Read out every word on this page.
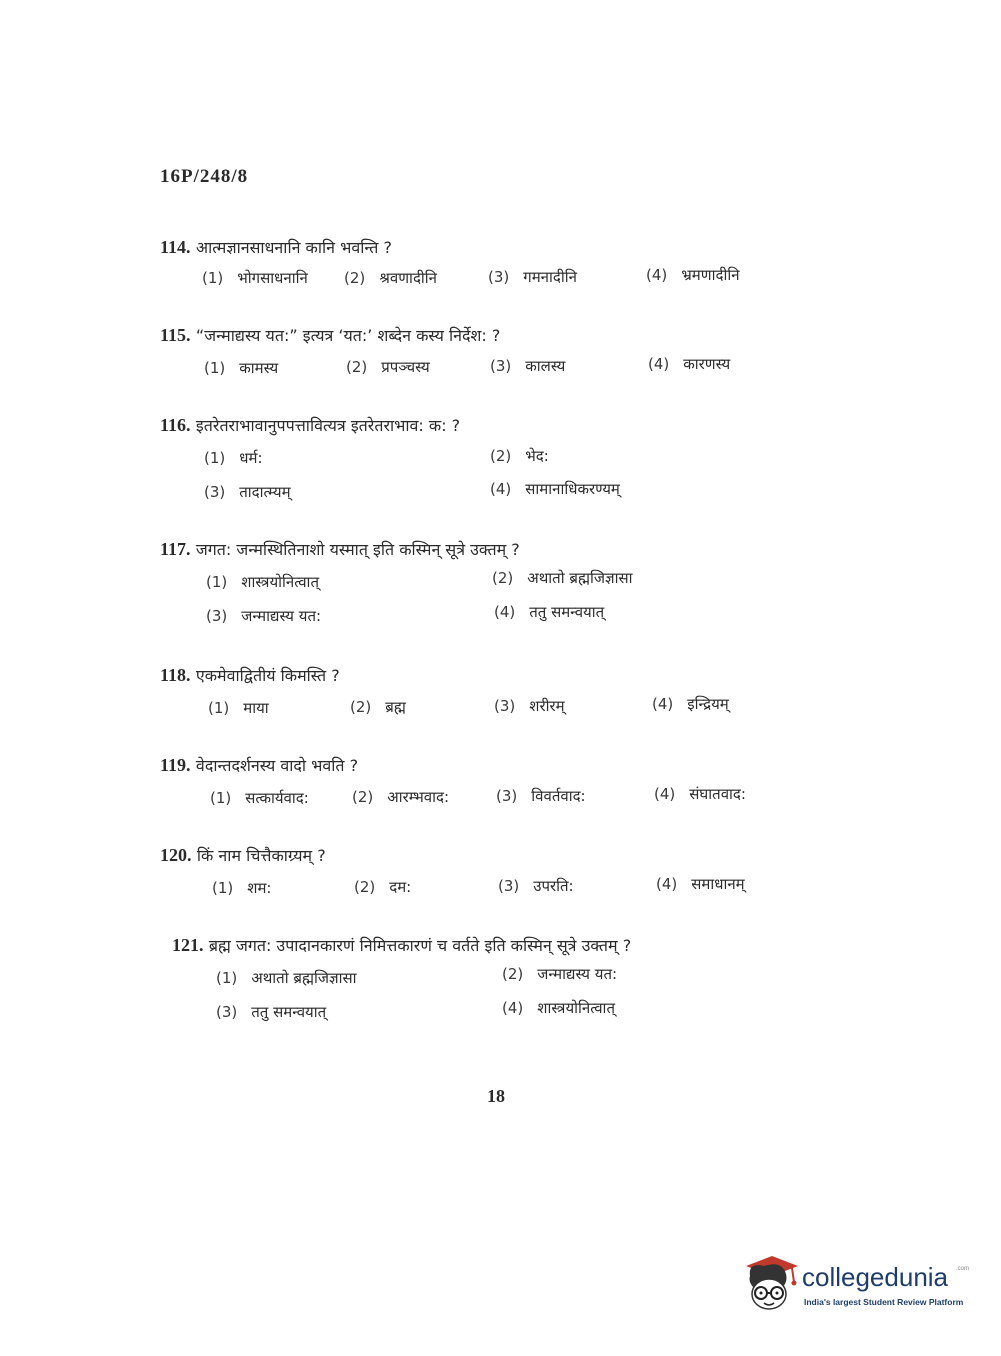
16P/248/8
114. आत्मज्ञानसाधनानि कानि भवन्ति ?
(1) भोगसाधनानि (2) श्रवणादीनि	(3) गमनादीनि	(4) भ्रमणादीनि
115. “जन्माद्यस्य यत:” इत्यत्र ‘यत:’ शब्देन कस्य निर्देश: ?
(1) कामस्य	(2) प्रपञ्चस्य	(3) कालस्य	(4) कारणस्य
116. इतरेतराभावानुपपत्तावित्यत्र इतरेतराभाव: क: ?
(1) धर्म:	(2) भेद:
(3) तादात्म्यम्	(4) सामानाधिकरण्यम्
117. जगत: जन्मस्थितिनाशो यस्मात् इति कस्मिन् सूत्रे उक्तम् ?
(1) शास्त्रयोनित्वात्	(2) अथातो ब्रह्मजिज्ञासा
(3) जन्माद्यस्य यत:	(4) ततु समन्वयात्
118. एकमेवाद्वितीयं किमस्ति ?
(1) माया	(2) ब्रह्म	(3) शरीरम्	(4) इन्द्रियम्
119. वेदान्तदर्शनस्य वादो भवति ?
(1) सत्कार्यवाद:	(2) आरम्भवाद:	(3) विवर्तवाद:	(4) संघातवाद:
120. किं नाम चित्तैकाग्र्यम् ?
(1) शम:	(2) दम:	(3) उपरति:	(4) समाधानम्
121. ब्रह्म जगत: उपादानकारणं निमित्तकारणं च वर्तते इति कस्मिन् सूत्रे उक्तम् ?
(1) अथातो ब्रह्मजिज्ञासा	(2) जन्माद्यस्य यत:
(3) ततु समन्वयात्	(4) शास्त्रयोनित्वात्
18
collegedunia .com
India's largest Student Review Platform
